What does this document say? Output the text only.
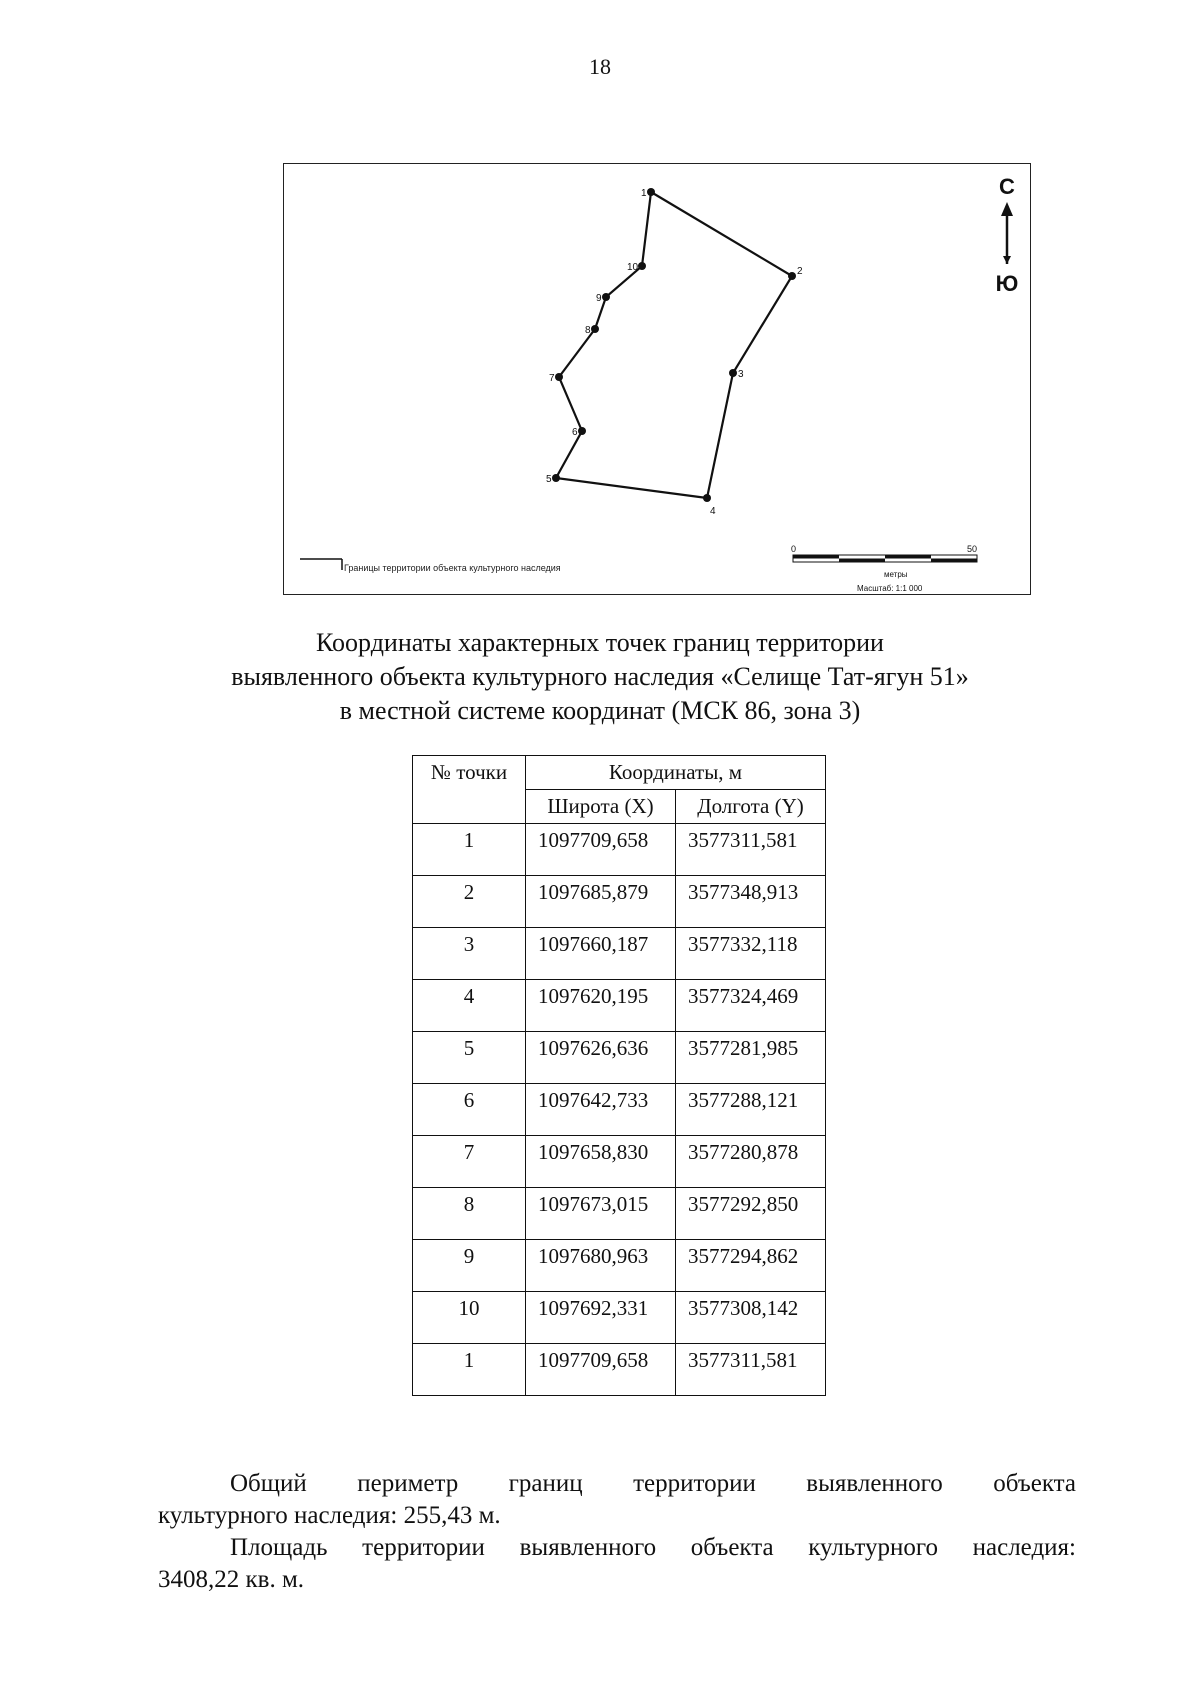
18
1
2
3
4
5
6
7
8
9
10
С
Ю
0	50
Границы территории объекта культурного наследия
метры
Масштаб: 1:1 000
Координаты характерных точек границ территории
выявленного объекта культурного наследия «Селище Тат-ягун 51»
в местной системе координат (МСК 86, зона 3)
№ точки	Координаты, м	
	Широта (X)	Долгота (Y)
1	1097709,658	3577311,581
2	1097685,879	3577348,913
3	1097660,187	3577332,118
4	1097620,195	3577324,469
5	1097626,636	3577281,985
6	1097642,733	3577288,121
7	1097658,830	3577280,878
8	1097673,015	3577292,850
9	1097680,963	3577294,862
10	1097692,331	3577308,142
1	1097709,658	3577311,581
Общий периметр границ территории выявленного объекта
культурного наследия: 255,43 м.
Площадь территории выявленного объекта культурного наследия:
3408,22 кв. м.
